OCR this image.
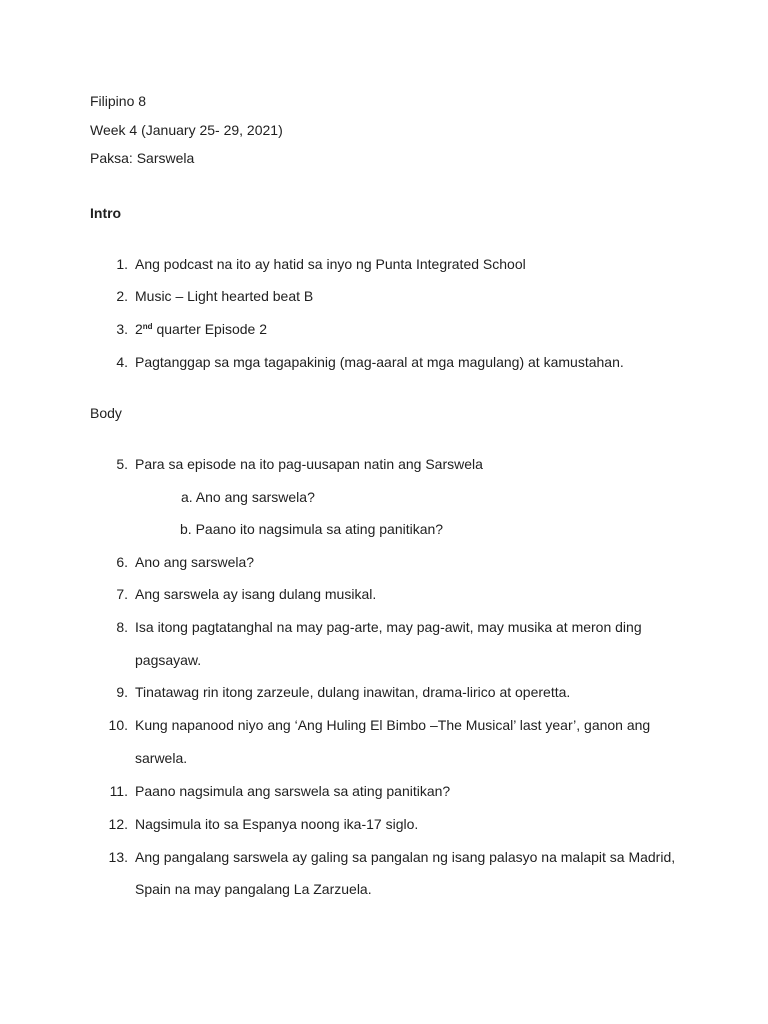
Filipino 8
Week 4 (January 25- 29, 2021)
Paksa: Sarswela
Intro
1. Ang podcast na ito ay hatid sa inyo ng Punta Integrated School
2. Music – Light hearted beat B
3. 2nd quarter Episode 2
4. Pagtanggap sa mga tagapakinig (mag-aaral at mga magulang) at kamustahan.
Body
5. Para sa episode na ito pag-uusapan natin ang Sarswela
a. Ano ang sarswela?
b. Paano ito nagsimula sa ating panitikan?
6. Ano ang sarswela?
7. Ang sarswela ay isang dulang musikal.
8. Isa itong pagtatanghal na may pag-arte, may pag-awit, may musika at meron ding
pagsayaw.
9. Tinatawag rin itong zarzeule, dulang inawitan, drama-lirico at operetta.
10. Kung napanood niyo ang ‘Ang Huling El Bimbo –The Musical’ last year’, ganon ang
sarwela.
11. Paano nagsimula ang sarswela sa ating panitikan?
12. Nagsimula ito sa Espanya noong ika-17 siglo.
13. Ang pangalang sarswela ay galing sa pangalan ng isang palasyo na malapit sa Madrid,
Spain na may pangalang La Zarzuela.
